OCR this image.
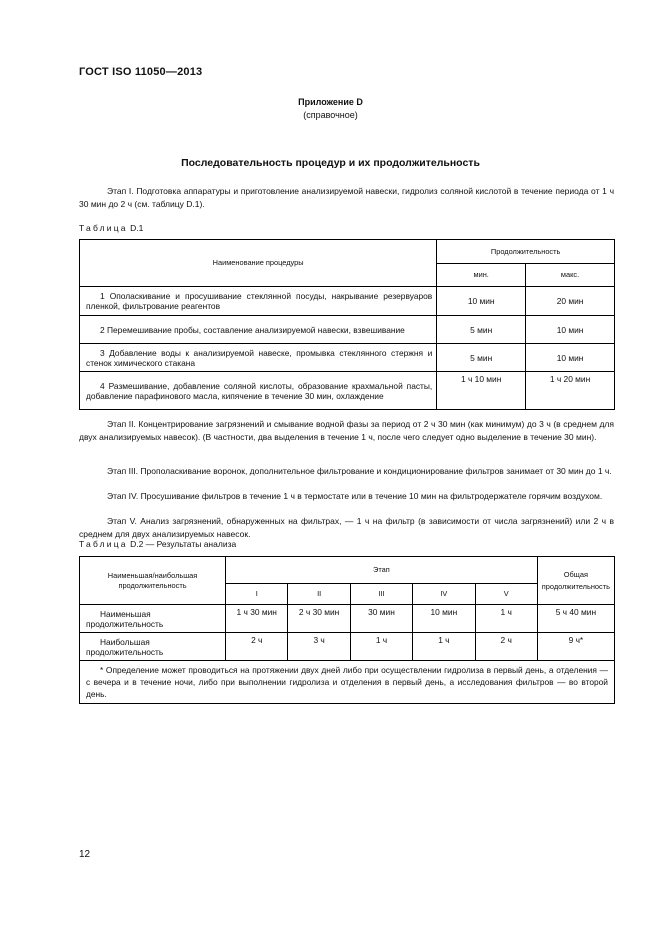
ГОСТ ISO 11050—2013
Приложение D
(справочное)
Последовательность процедур и их продолжительность
Этап I. Подготовка аппаратуры и приготовление анализируемой навески, гидролиз соляной кислотой в течение периода от 1 ч 30 мин до 2 ч (см. таблицу D.1).
Таблица D.1
Наименование процедуры	Продолжительность	
	мин.	макс.
1 Ополаскивание и просушивание стеклянной посуды, накрывание резервуаров пленкой, фильтрование реагентов	10 мин	20 мин
2 Перемешивание пробы, составление анализируемой навески, взвешивание	5 мин	10 мин
3 Добавление воды к анализируемой навеске, промывка стеклянного стержня и стенок химического стакана	5 мин	10 мин
4 Размешивание, добавление соляной кислоты, образование крахмальной пасты, добавление парафинового масла, кипячение в течение 30 мин, охлаждение	1 ч 10 мин	1 ч 20 мин
Этап II. Концентрирование загрязнений и смывание водной фазы за период от 2 ч 30 мин (как минимум) до 3 ч (в среднем для двух анализируемых навесок). (В частности, два выделения в течение 1 ч, после чего следует одно выделение в течение 30 мин).
Этап III. Прополаскивание воронок, дополнительное фильтрование и кондиционирование фильтров занимает от 30 мин до 1 ч.
Этап IV. Просушивание фильтров в течение 1 ч в термостате или в течение 10 мин на фильтродержателе горячим воздухом.
Этап V. Анализ загрязнений, обнаруженных на фильтрах, — 1 ч на фильтр (в зависимости от числа загрязнений) или 2 ч в среднем для двух анализируемых навесок.
Таблица D.2 — Результаты анализа
Наименьшая/наибольшая продолжительность	Этап					Общая продолжительность
	I	II	III	IV	V	
Наименьшая продолжительность	1 ч 30 мин	2 ч 30 мин	30 мин	10 мин	1 ч	5 ч 40 мин
Наибольшая продолжительность	2 ч	3 ч	1 ч	1 ч	2 ч	9 ч*
* Определение может проводиться на протяжении двух дней либо при осуществлении гидролиза в первый день, а отделения — с вечера и в течение ночи, либо при выполнении гидролиза и отделения в первый день, а исследования фильтров — во второй день.						
12
